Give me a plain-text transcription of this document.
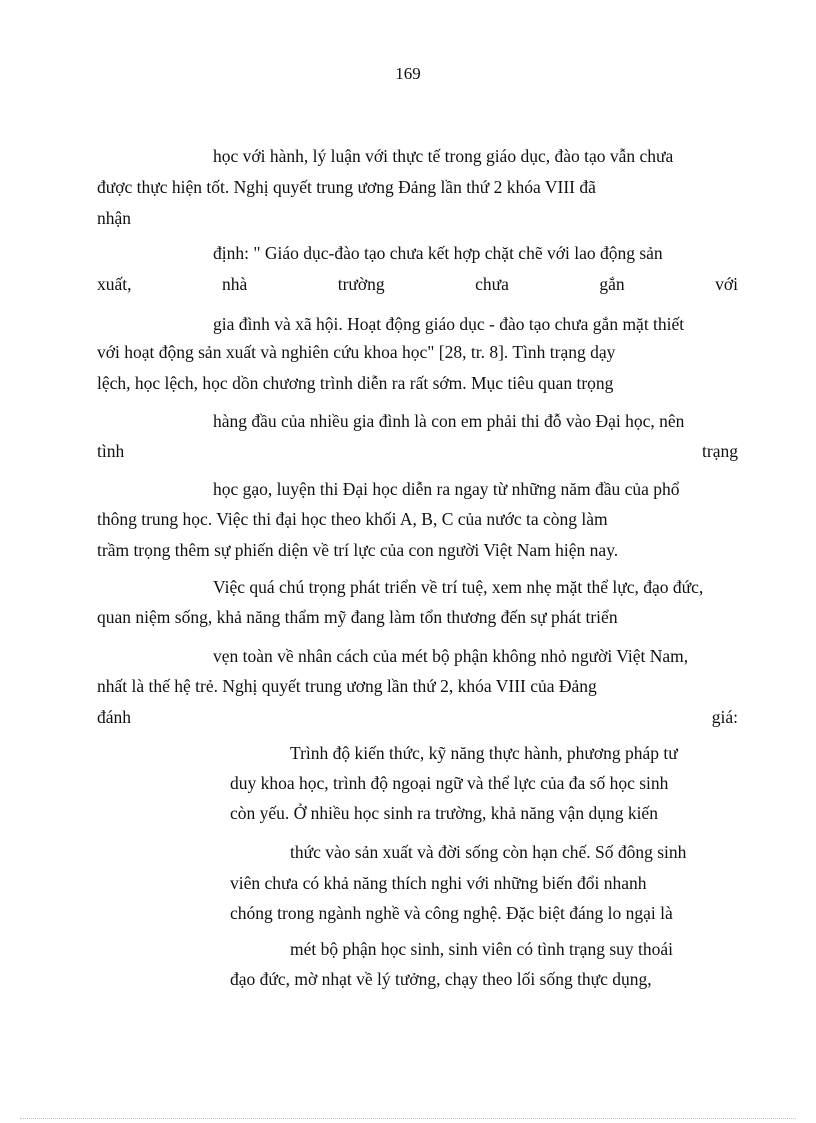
169
học với hành, lý luận với thực tế trong giáo dục, đào tạo vẫn chưa
được thực hiện tốt. Nghị quyết trung ương Đảng lần thứ 2 khóa VIII đã
nhận
định: " Giáo dục-đào tạo chưa kết hợp chặt chẽ với lao động sản
xuất,	nhà	trường	chưa	gắn	với
gia đình và xã hội. Hoạt động giáo dục - đào tạo chưa gắn mặt thiết
với hoạt động sản xuất và nghiên cứu khoa học" [28, tr. 8]. Tình trạng dạy
lệch, học lệch, học dồn chương trình diễn ra rất sớm. Mục tiêu quan trọng
hàng đầu của nhiều gia đình là con em phải thi đỗ vào Đại học, nên
tình	trạng
học gạo, luyện thi Đại học diễn ra ngay từ những năm đầu của phổ
thông trung học. Việc thi đại học theo khối A, B, C của nước ta còng làm
trầm trọng thêm sự phiến diện về trí lực của con người Việt Nam hiện nay.
Việc quá chú trọng phát triển về trí tuệ, xem nhẹ mặt thể lực, đạo đức,
quan niệm sống, khả năng thẩm mỹ đang làm tổn thương đến sự phát triển
vẹn toàn về nhân cách của mét bộ phận không nhỏ người Việt Nam,
nhất là thế hệ trẻ. Nghị quyết trung ương lần thứ 2, khóa VIII của Đảng
đánh	giá:
Trình độ kiến thức, kỹ năng thực hành, phương pháp tư
duy khoa học, trình độ ngoại ngữ và thể lực của đa số học sinh
còn yếu. Ở nhiều học sinh ra trường, khả năng vận dụng kiến
thức vào sản xuất và đời sống còn hạn chế. Số đông sinh
viên chưa có khả năng thích nghi với những biến đổi nhanh
chóng trong ngành nghề và công nghệ. Đặc biệt đáng lo ngại là
mét bộ phận học sinh, sinh viên có tình trạng suy thoái
đạo đức, mờ nhạt về lý tưởng, chạy theo lối sống thực dụng,
